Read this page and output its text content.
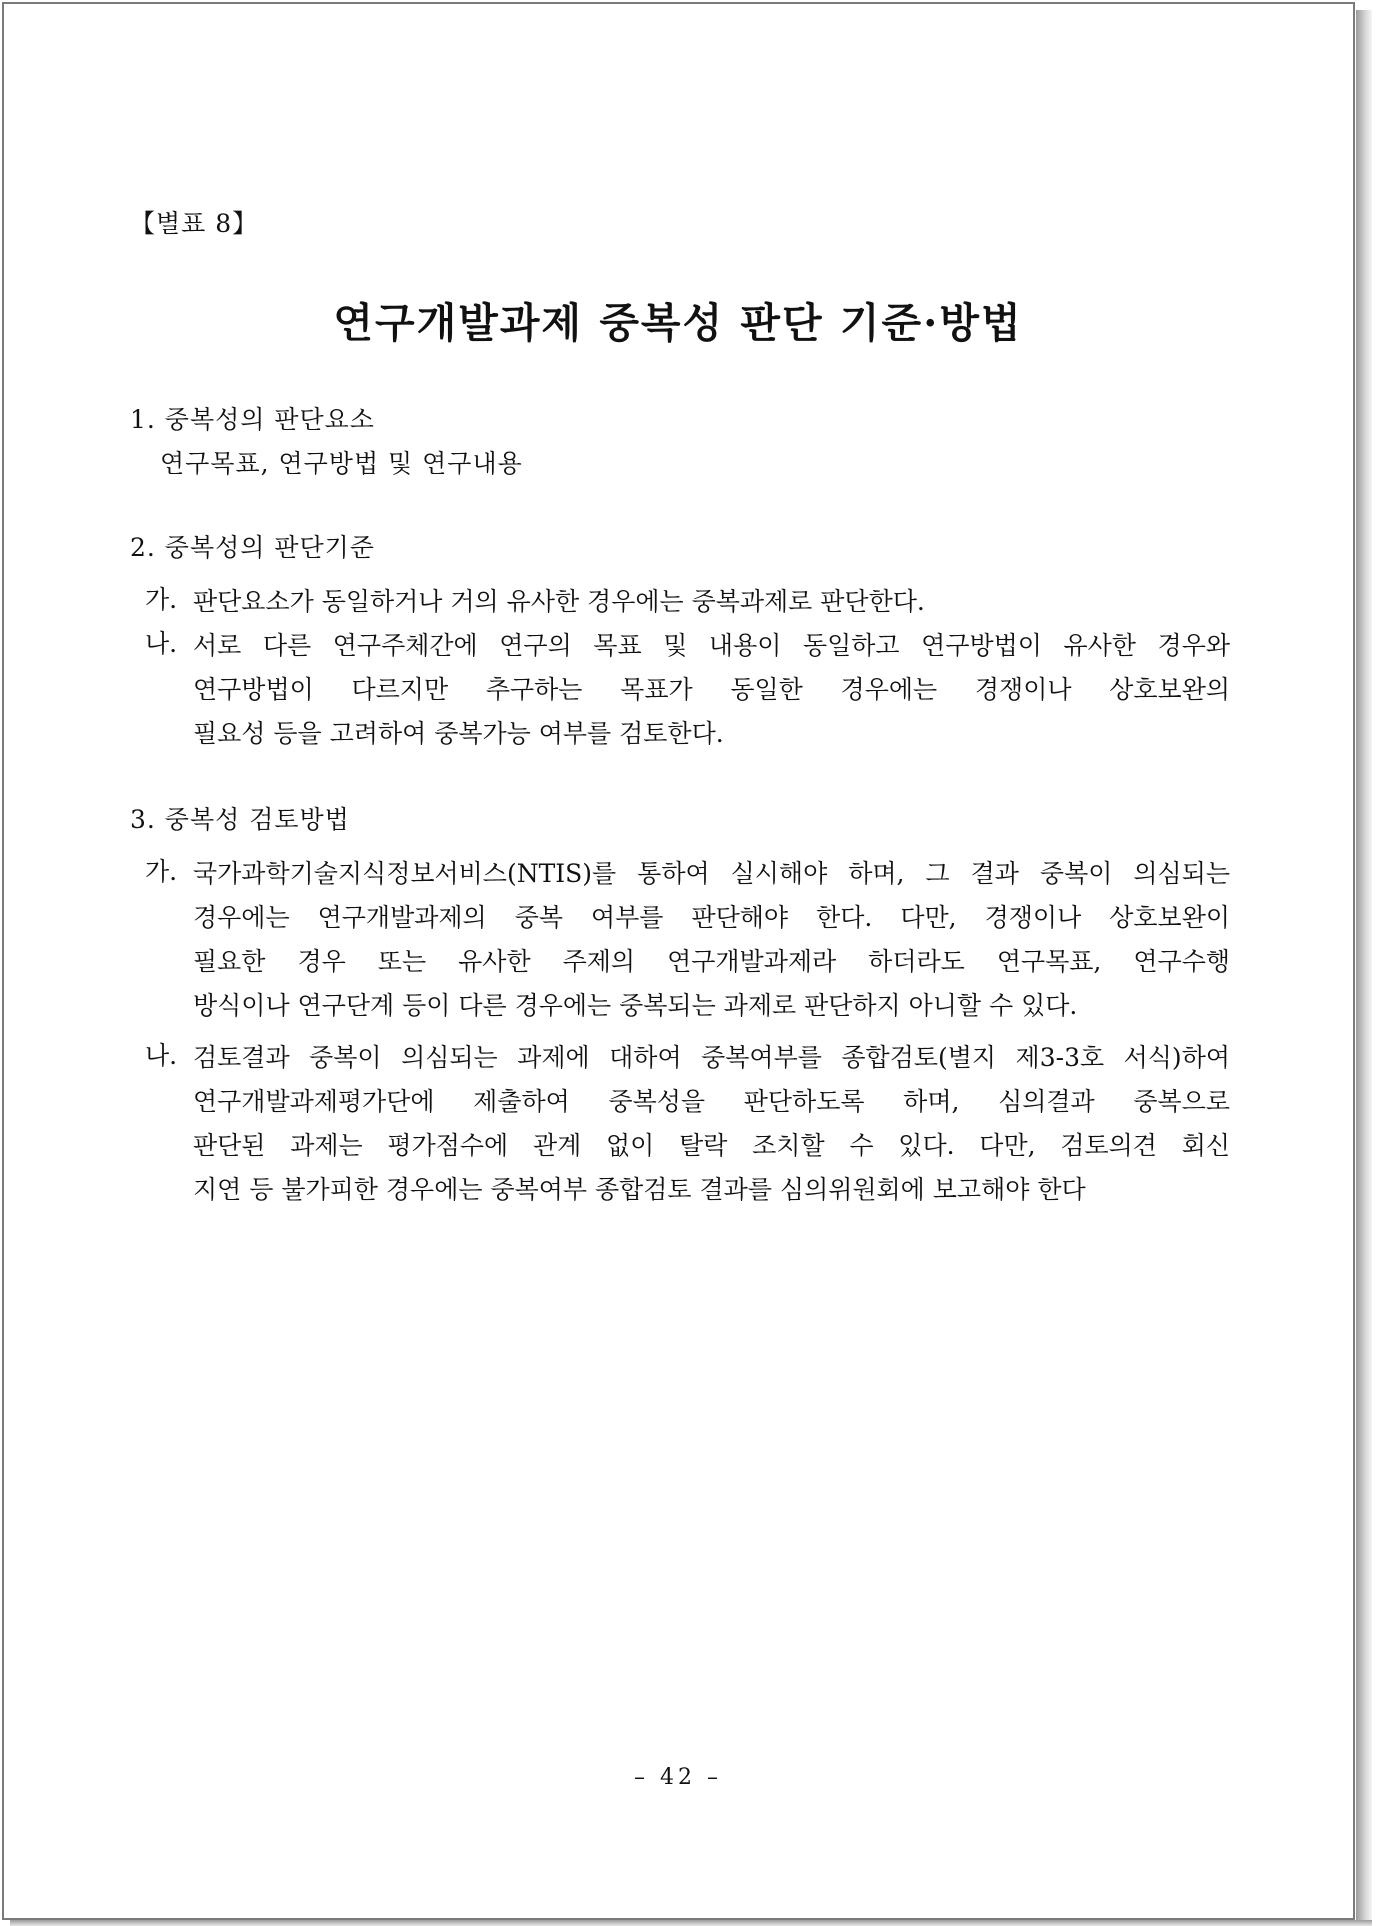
【별표 8】
연구개발과제 중복성 판단 기준·방법
1. 중복성의 판단요소
연구목표, 연구방법 및 연구내용
2. 중복성의 판단기준
가. 판단요소가 동일하거나 거의 유사한 경우에는 중복과제로 판단한다.
나. 서로 다른 연구주체간에 연구의 목표 및 내용이 동일하고 연구방법이 유사한 경우와
연구방법이 다르지만 추구하는 목표가 동일한 경우에는 경쟁이나 상호보완의
필요성 등을 고려하여 중복가능 여부를 검토한다.
3. 중복성 검토방법
가. 국가과학기술지식정보서비스(NTIS)를 통하여 실시해야 하며, 그 결과 중복이 의심되는
경우에는 연구개발과제의 중복 여부를 판단해야 한다. 다만, 경쟁이나 상호보완이
필요한 경우 또는 유사한 주제의 연구개발과제라 하더라도 연구목표, 연구수행
방식이나 연구단계 등이 다른 경우에는 중복되는 과제로 판단하지 아니할 수 있다.
나. 검토결과 중복이 의심되는 과제에 대하여 중복여부를 종합검토(별지 제3-3호 서식)하여
연구개발과제평가단에 제출하여 중복성을 판단하도록 하며, 심의결과 중복으로
판단된 과제는 평가점수에 관계 없이 탈락 조치할 수 있다. 다만, 검토의견 회신
지연 등 불가피한 경우에는 중복여부 종합검토 결과를 심의위원회에 보고해야 한다
– 42 –
